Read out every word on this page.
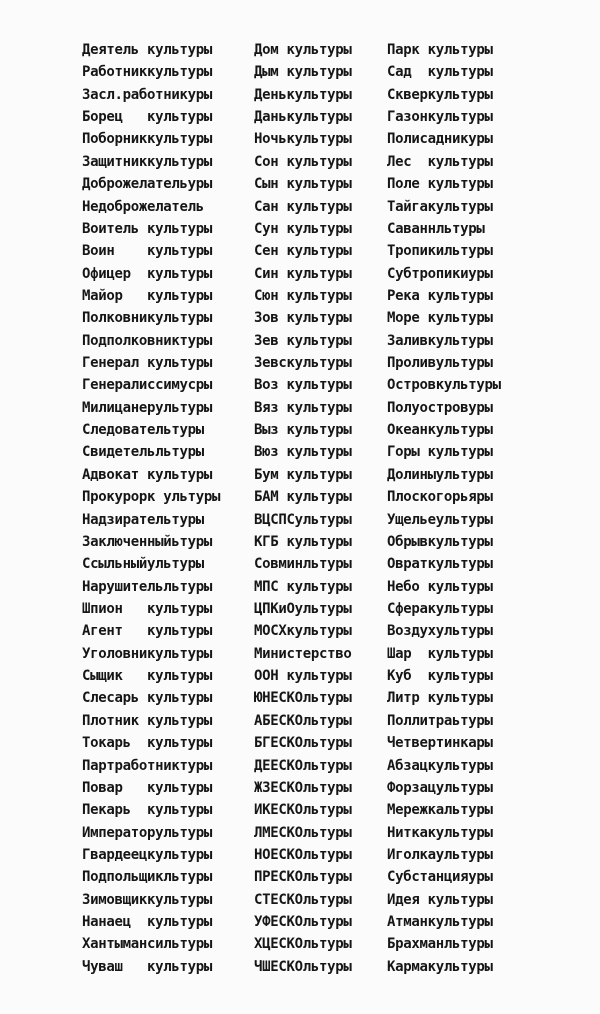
Деятель культуры
Работниккультуры
Засл.работникуры
Борец   культуры
Поборниккультуры
Защитниккультуры
Доброжелательуры
Недоброжелатель
Воитель культуры
Воин    культуры
Офицер  культуры
Майор   культуры
Полковникультуры
Подполковниктуры
Генерал культуры
Генералиссимусры
Милицанерультуры
Следовательтуры
Свидетельльтуры
Адвокат культуры
Прокурорк ультуры
Надзирательтуры
Заключенныйьтуры
Ссыльныйультуры
Нарушительльтуры
Шпион   культуры
Агент   культуры
Уголовникультуры
Сыщик   культуры
Слесарь культуры
Плотник культуры
Токарь  культуры
Партработниктуры
Повар   культуры
Пекарь  культуры
Императорультуры
Гвардеецкультуры
Подпольщикльтуры
Зимовщиккультуры
Нанаец  культуры
Хантымансильтуры
Чуваш   культуры
Дом культуры
Дым культуры
Денькультуры
Данькультуры
Ночькультуры
Сон культуры
Сын культуры
Сан культуры
Сун культуры
Сен культуры
Син культуры
Сюн культуры
Зов культуры
Зев культуры
Зевскультуры
Воз культуры
Вяз культуры
Выз культуры
Вюз культуры
Бум культуры
БАМ культуры
ВЦСПСультуры
КГБ культуры
Совминльтуры
МПС культуры
ЦПКиОультуры
МОСХкультуры
Министерство
ООН культуры
ЮНЕСКОльтуры
АБЕСКОльтуры
БГЕСКОльтуры
ДЕЕСКОльтуры
ЖЗЕСКОльтуры
ИКЕСКОльтуры
ЛМЕСКОльтуры
НОЕСКОльтуры
ПРЕСКОльтуры
СТЕСКОльтуры
УФЕСКОльтуры
ХЦЕСКОльтуры
ЧШЕСКОльтуры
Парк культуры
Сад  культуры
Скверкультуры
Газонкультуры
Полисадникуры
Лес  культуры
Поле культуры
Тайгакультуры
Саваннльтуры
Тропикильтуры
Субтропикиуры
Река культуры
Море культуры
Заливкультуры
Проливультуры
Островкультуры
Полуостровуры
Океанкультуры
Горы культуры
Долиныультуры
Плоскогорьяры
Ущельеультуры
Обрывкультуры
Овраткультуры
Небо культуры
Сферакультуры
Воздухультуры
Шар  культуры
Куб  культуры
Литр культуры
Поллитраьтуры
Четвертинкары
Абзацкультуры
Форзацультуры
Мережкальтуры
Ниткакультуры
Иголкаультуры
Субстанцияуры
Идея культуры
Атманкультуры
Брахманльтуры
Кармакультуры
